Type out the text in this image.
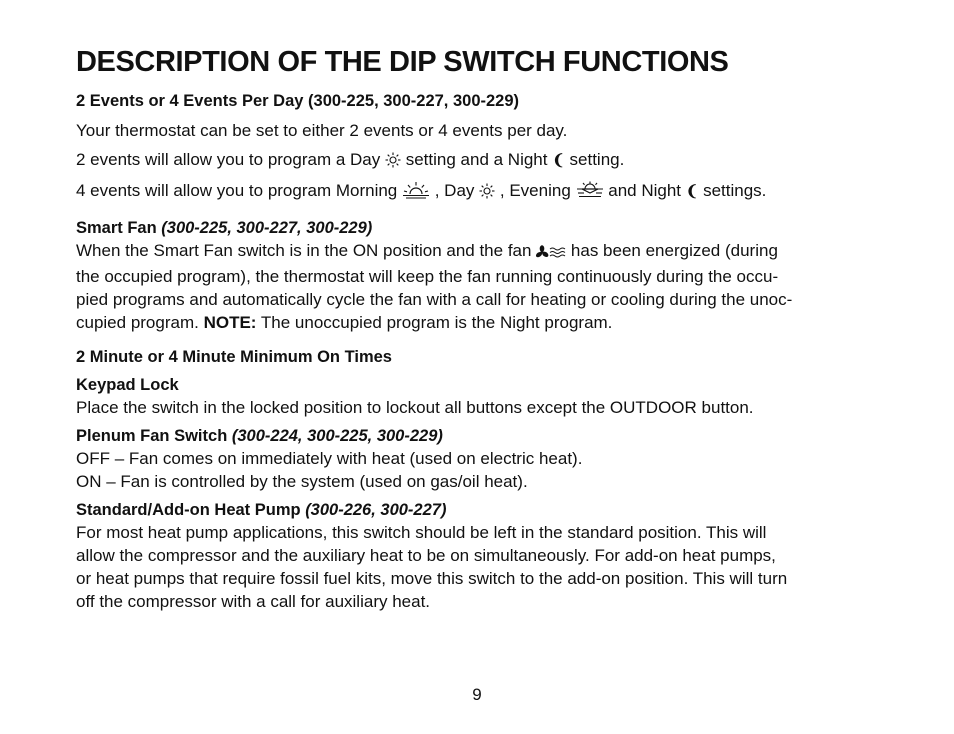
DESCRIPTION OF THE DIP SWITCH FUNCTIONS
2 Events or 4 Events Per Day (300-225, 300-227, 300-229)
Your thermostat can be set to either 2 events or 4 events per day.
2 events will allow you to program a Day setting and a Night ❨ setting.
4 events will allow you to program Morning , Day , Evening and Night ❨ settings.
Smart Fan (300-225, 300-227, 300-229)
When the Smart Fan switch is in the ON position and the fan has been energized (during
the occupied program), the thermostat will keep the fan running continuously during the occu-
pied programs and automatically cycle the fan with a call for heating or cooling during the unoc-
cupied program. NOTE: The unoccupied program is the Night program.
2 Minute or 4 Minute Minimum On Times
Keypad Lock
Place the switch in the locked position to lockout all buttons except the OUTDOOR button.
Plenum Fan Switch (300-224, 300-225, 300-229)
OFF – Fan comes on immediately with heat (used on electric heat).
ON – Fan is controlled by the system (used on gas/oil heat).
Standard/Add-on Heat Pump (300-226, 300-227)
For most heat pump applications, this switch should be left in the standard position. This will
allow the compressor and the auxiliary heat to be on simultaneously. For add-on heat pumps,
or heat pumps that require fossil fuel kits, move this switch to the add-on position. This will turn
off the compressor with a call for auxiliary heat.
9
